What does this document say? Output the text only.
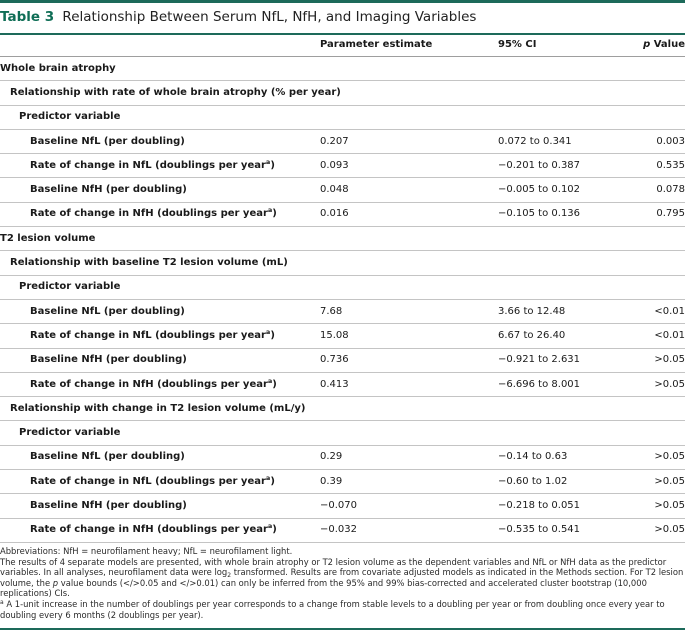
Table 3 Relationship Between Serum NfL, NfH, and Imaging Variables
	Parameter estimate	95% CI	p Value
Whole brain atrophy			
Relationship with rate of whole brain atrophy (% per year)			
Predictor variable			
Baseline NfL (per doubling)	0.207	0.072 to 0.341	0.003
Rate of change in NfL (doublings per year$^a$)	0.093	−0.201 to 0.387	0.535
Baseline NfH (per doubling)	0.048	−0.005 to 0.102	0.078
Rate of change in NfH (doublings per year$^a$)	0.016	−0.105 to 0.136	0.795
T2 lesion volume			
Relationship with baseline T2 lesion volume (mL)			
Predictor variable			
Baseline NfL (per doubling)	7.68	3.66 to 12.48	<0.01
Rate of change in NfL (doublings per year$^a$)	15.08	6.67 to 26.40	<0.01
Baseline NfH (per doubling)	0.736	−0.921 to 2.631	>0.05
Rate of change in NfH (doublings per year$^a$)	0.413	−6.696 to 8.001	>0.05
Relationship with change in T2 lesion volume (mL/y)			
Predictor variable			
Baseline NfL (per doubling)	0.29	−0.14 to 0.63	>0.05
Rate of change in NfL (doublings per year$^a$)	0.39	−0.60 to 1.02	>0.05
Baseline NfH (per doubling)	−0.070	−0.218 to 0.051	>0.05
Rate of change in NfH (doublings per year$^a$)	−0.032	−0.535 to 0.541	>0.05

Abbreviations: NfH = neurofilament heavy; NfL = neurofilament light.

The results of 4 separate models are presented, with whole brain atrophy or T2 lesion volume as the dependent variables and NfL or NfH data as the predictor variables. In all analyses, neurofilament data were $\log_2$ transformed. Results are from covariate adjusted models as indicated in the Methods section. For T2 lesion volume, the p value bounds (</>0.05 and </>0.01) can only be inferred from the 95% and 99% bias-corrected and accelerated cluster bootstrap (10,000 replications) CIs.

$^a$ A 1-unit increase in the number of doublings per year corresponds to a change from stable levels to a doubling per year or from doubling once every year to doubling every 6 months (2 doublings per year).
